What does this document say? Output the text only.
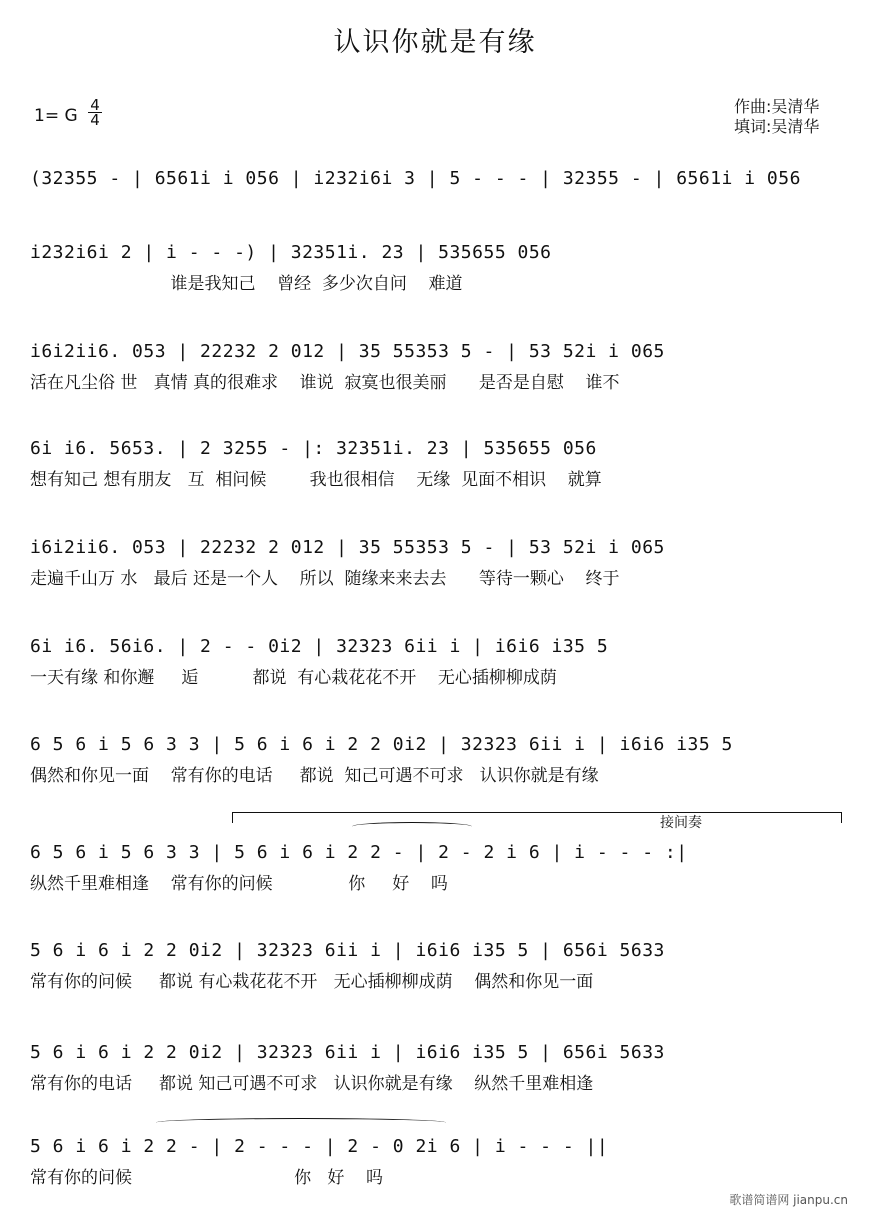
认识你就是有缘
1= G
4
4
作曲:吴清华
填词:吴清华
(32355 - | 6561i i 056 | i232i6i 3 | 5 - - - | 32355 - | 6561i i 056
i232i6i 2 | i - - -) | 32351i. 23 | 535655 056
谁是我知己    曾经  多少次自问    难道
i6i2ii6. 053 | 22232 2 012 | 35 55353 5 - | 53 52i i 065
活在凡尘俗 世   真情 真的很难求    谁说  寂寞也很美丽      是否是自慰    谁不
6i i6. 5653. | 2 3255 - |: 32351i. 23 | 535655 056
想有知己 想有朋友   互  相问候        我也很相信    无缘  见面不相识    就算
i6i2ii6. 053 | 22232 2 012 | 35 55353 5 - | 53 52i i 065
走遍千山万 水   最后 还是一个人    所以  随缘来来去去      等待一颗心    终于
6i i6. 56i6. | 2 - - 0i2 | 32323 6ii i | i6i6 i35 5
一天有缘 和你邂     逅          都说  有心栽花花不开    无心插柳柳成荫
6 5 6 i 5 6 3 3 | 5 6 i 6 i 2 2 0i2 | 32323 6ii i | i6i6 i35 5
偶然和你见一面    常有你的电话     都说  知己可遇不可求   认识你就是有缘
接间奏
6 5 6 i 5 6 3 3 | 5 6 i 6 i 2 2 - | 2 - 2 i 6 | i - - - :|
纵然千里难相逢    常有你的问候              你     好    吗
5 6 i 6 i 2 2 0i2 | 32323 6ii i | i6i6 i35 5 | 656i 5633
常有你的问候     都说 有心栽花花不开   无心插柳柳成荫    偶然和你见一面
5 6 i 6 i 2 2 0i2 | 32323 6ii i | i6i6 i35 5 | 656i 5633
常有你的电话     都说 知己可遇不可求   认识你就是有缘    纵然千里难相逢
5 6 i 6 i 2 2 - | 2 - - - | 2 - 0 2i 6 | i - - - ||
常有你的问候                              你   好    吗
歌谱简谱网 jianpu.cn
